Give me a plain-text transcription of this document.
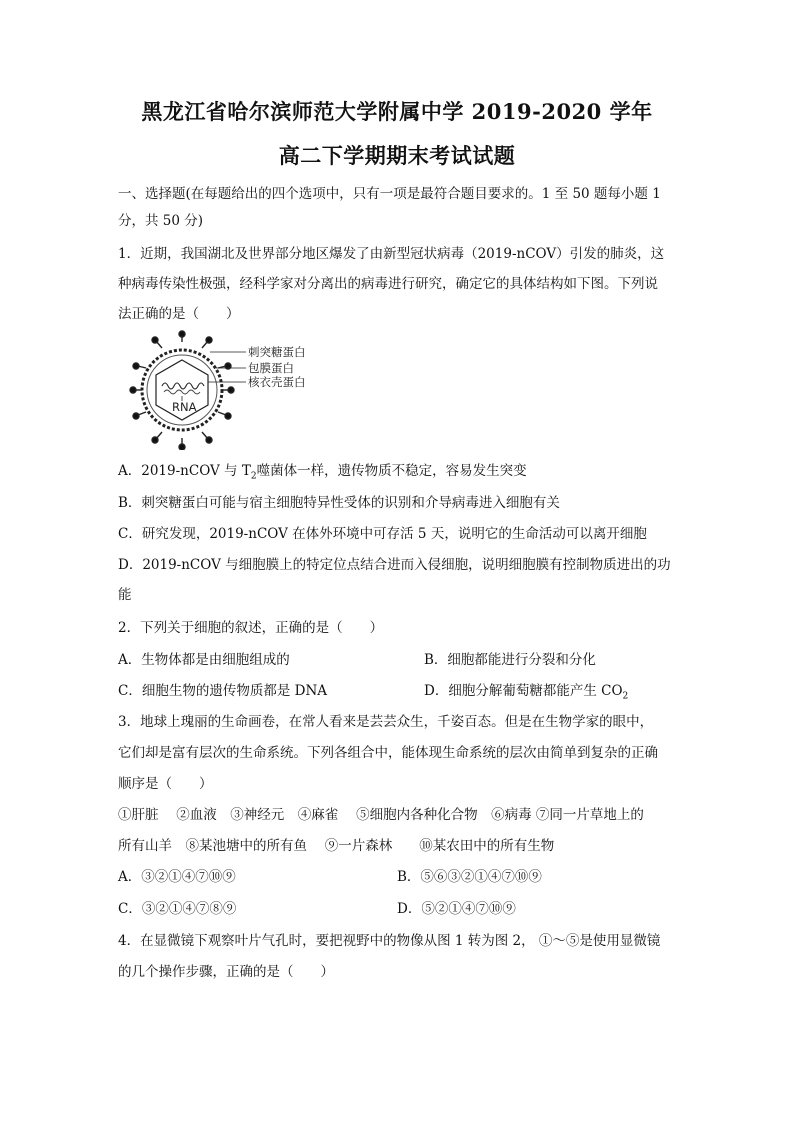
黑龙江省哈尔滨师范大学附属中学 2019-2020 学年
高二下学期期末考试试题
一、选择题(在每题给出的四个选项中，只有一项是最符合题目要求的。1 至 50 题每小题 1
分，共 50 分)
1．近期，我国湖北及世界部分地区爆发了由新型冠状病毒（2019-nCOV）引发的肺炎，这
种病毒传染性极强，经科学家对分离出的病毒进行研究，确定它的具体结构如下图。下列说
法正确的是（　　）
RNA
刺突糖蛋白
包膜蛋白
核衣壳蛋白
A．2019-nCOV 与 $T_2$噬菌体一样，遗传物质不稳定，容易发生突变
B．刺突糖蛋白可能与宿主细胞特异性受体的识别和介导病毒进入细胞有关
C．研究发现，2019-nCOV 在体外环境中可存活 5 天，说明它的生命活动可以离开细胞
D．2019-nCOV 与细胞膜上的特定位点结合进而入侵细胞，说明细胞膜有控制物质进出的功
能
2．下列关于细胞的叙述，正确的是（　　）
A．生物体都是由细胞组成的	B．细胞都能进行分裂和分化
C．细胞生物的遗传物质都是 DNA	D．细胞分解葡萄糖都能产生 $CO_2$
3．地球上瑰丽的生命画卷，在常人看来是芸芸众生，千姿百态。但是在生物学家的眼中，
它们却是富有层次的生命系统。下列各组合中，能体现生命系统的层次由简单到复杂的正确
顺序是（　　）
①肝脏　 ②血液　③神经元　④麻雀　 ⑤细胞内各种化合物　⑥病毒 ⑦同一片草地上的
所有山羊　⑧某池塘中的所有鱼　 ⑨一片森林　　⑩某农田中的所有生物
A．③②①④⑦⑩⑨	B．⑤⑥③②①④⑦⑩⑨
C．③②①④⑦⑧⑨	D．⑤②①④⑦⑩⑨
4．在显微镜下观察叶片气孔时，要把视野中的物像从图 1 转为图 2， ①～⑤是使用显微镜
的几个操作步骤，正确的是（　　）
